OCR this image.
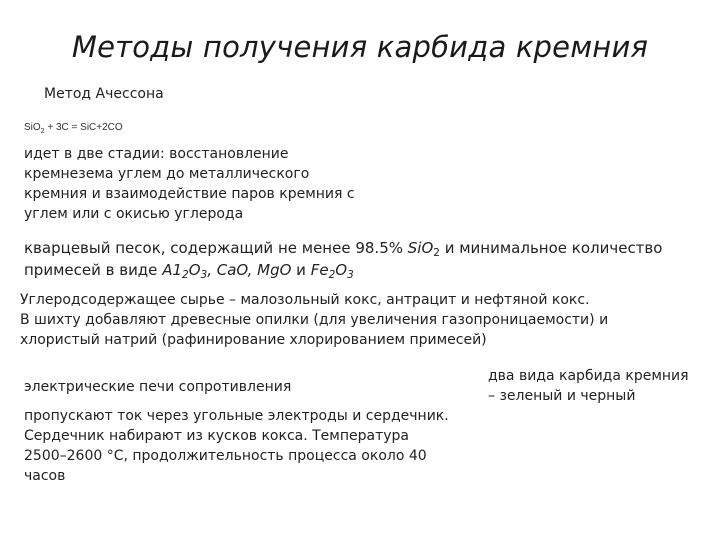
Методы получения карбида кремния
Метод Ачессона
SiO$_2$ + 3C = SiC+2CO
идет в две стадии: восстановление
кремнезема углем до металлического
кремния и взаимодействие паров кремния с
углем или с окисью углерода
кварцевый песок, содержащий не менее 98.5% SiO$_2$ и минимальное количество
примесей в виде $A1_2O_3$, CaO, MgO и $Fe_2O_3$
Углеродсодержащее сырье – малозольный кокс, антрацит и нефтяной кокс.
В шихту добавляют древесные опилки (для увеличения газопроницаемости) и
хлористый натрий (рафинирование хлорированием примесей)
электрические печи сопротивления
два вида карбида кремния
– зеленый и черный
пропускают ток через угольные электроды и сердечник.
Сердечник набирают из кусков кокса. Температура
2500–2600 °С, продолжительность процесса около 40
часов
